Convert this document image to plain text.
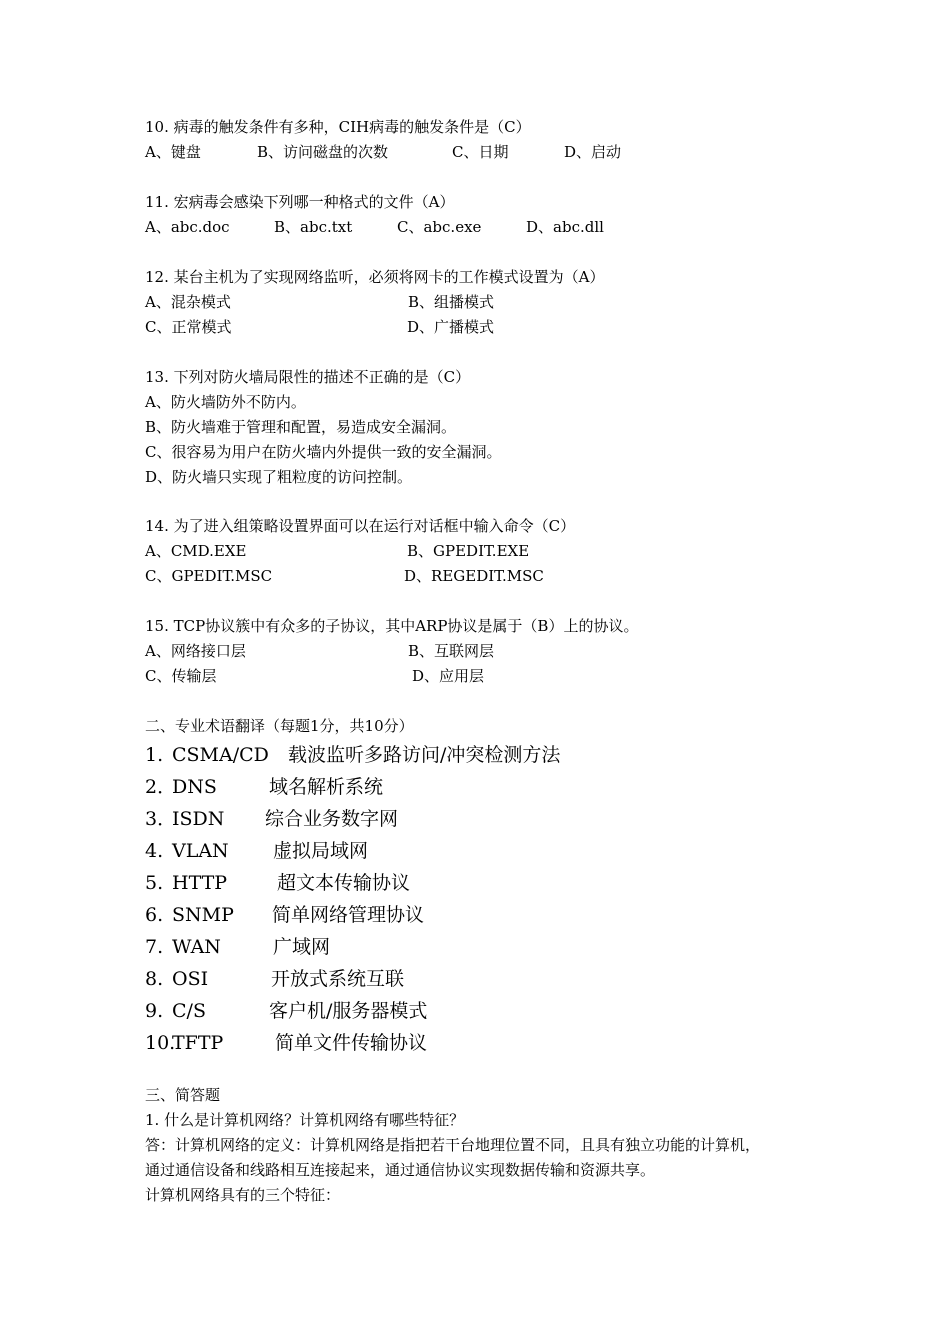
10. 病毒的触发条件有多种，CIH病毒的触发条件是（C）
A、键盘	B、访问磁盘的次数	C、日期	D、启动
11. 宏病毒会感染下列哪一种格式的文件（A）
A、abc.doc	B、abc.txt	C、abc.exe	D、abc.dll
12. 某台主机为了实现网络监听，必须将网卡的工作模式设置为（A）
A、混杂模式	B、组播模式
C、正常模式	D、广播模式
13. 下列对防火墙局限性的描述不正确的是（C）
A、防火墙防外不防内。
B、防火墙难于管理和配置，易造成安全漏洞。
C、很容易为用户在防火墙内外提供一致的安全漏洞。
D、防火墙只实现了粗粒度的访问控制。
14. 为了进入组策略设置界面可以在运行对话框中输入命令（C）
A、CMD.EXE	B、GPEDIT.EXE
C、GPEDIT.MSC	D、REGEDIT.MSC
15. TCP协议簇中有众多的子协议，其中ARP协议是属于（B）上的协议。
A、网络接口层	B、互联网层
C、传输层	D、应用层
二、专业术语翻译（每题1分，共10分）
1. CSMA/CD 载波监听多路访问/冲突检测方法
2．
DNS	域名解析系统
3．
ISDN 综合业务数字网
4. VLAN 虚拟局域网
5. HTTP	超文本传输协议
6. SNMP 简单网络管理协议
7. WAN	广域网
8. OSI	开放式系统互联
9. C/S	客户机/服务器模式
10.
TFTP	简单文件传输协议
三、简答题
1. 什么是计算机网络？计算机网络有哪些特征？
答：计算机网络的定义：计算机网络是指把若干台地理位置不同，且具有独立功能的计算机，
通过通信设备和线路相互连接起来，通过通信协议实现数据传输和资源共享。
计算机网络具有的三个特征：
